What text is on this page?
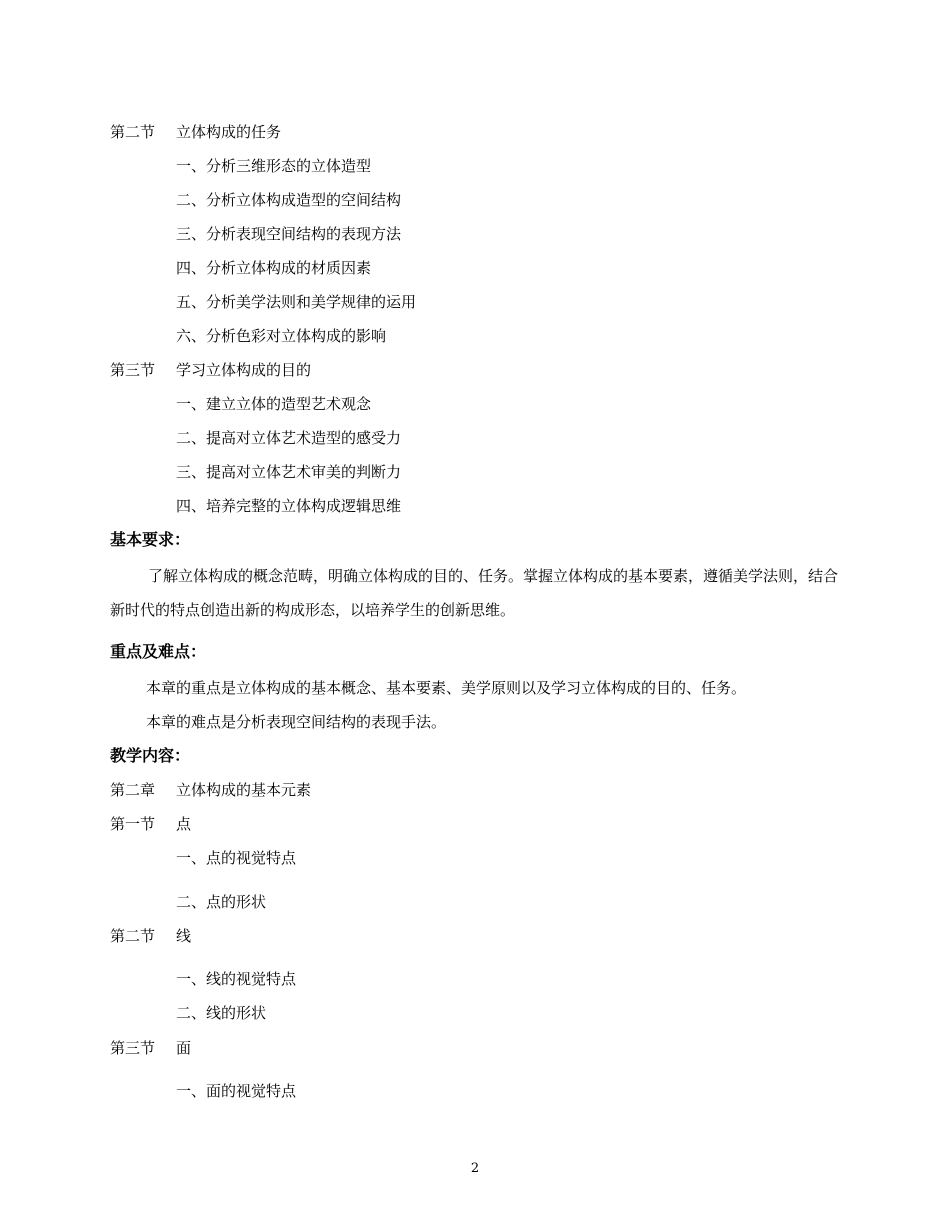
第二节 立体构成的任务
一、分析三维形态的立体造型
二、分析立体构成造型的空间结构
三、分析表现空间结构的表现方法
四、分析立体构成的材质因素
五、分析美学法则和美学规律的运用
六、分析色彩对立体构成的影响
第三节 学习立体构成的目的
一、建立立体的造型艺术观念
二、提高对立体艺术造型的感受力
三、提高对立体艺术审美的判断力
四、培养完整的立体构成逻辑思维
基本要求：
了解立体构成的概念范畴，明确立体构成的目的、任务。掌握立体构成的基本要素，遵循美学法则，结合新时代的特点创造出新的构成形态，以培养学生的创新思维。
重点及难点：
本章的重点是立体构成的基本概念、基本要素、美学原则以及学习立体构成的目的、任务。
本章的难点是分析表现空间结构的表现手法。
教学内容：
第二章 立体构成的基本元素
第一节 点
一、点的视觉特点
二、点的形状
第二节 线
一、线的视觉特点
二、线的形状
第三节 面
一、面的视觉特点
2
